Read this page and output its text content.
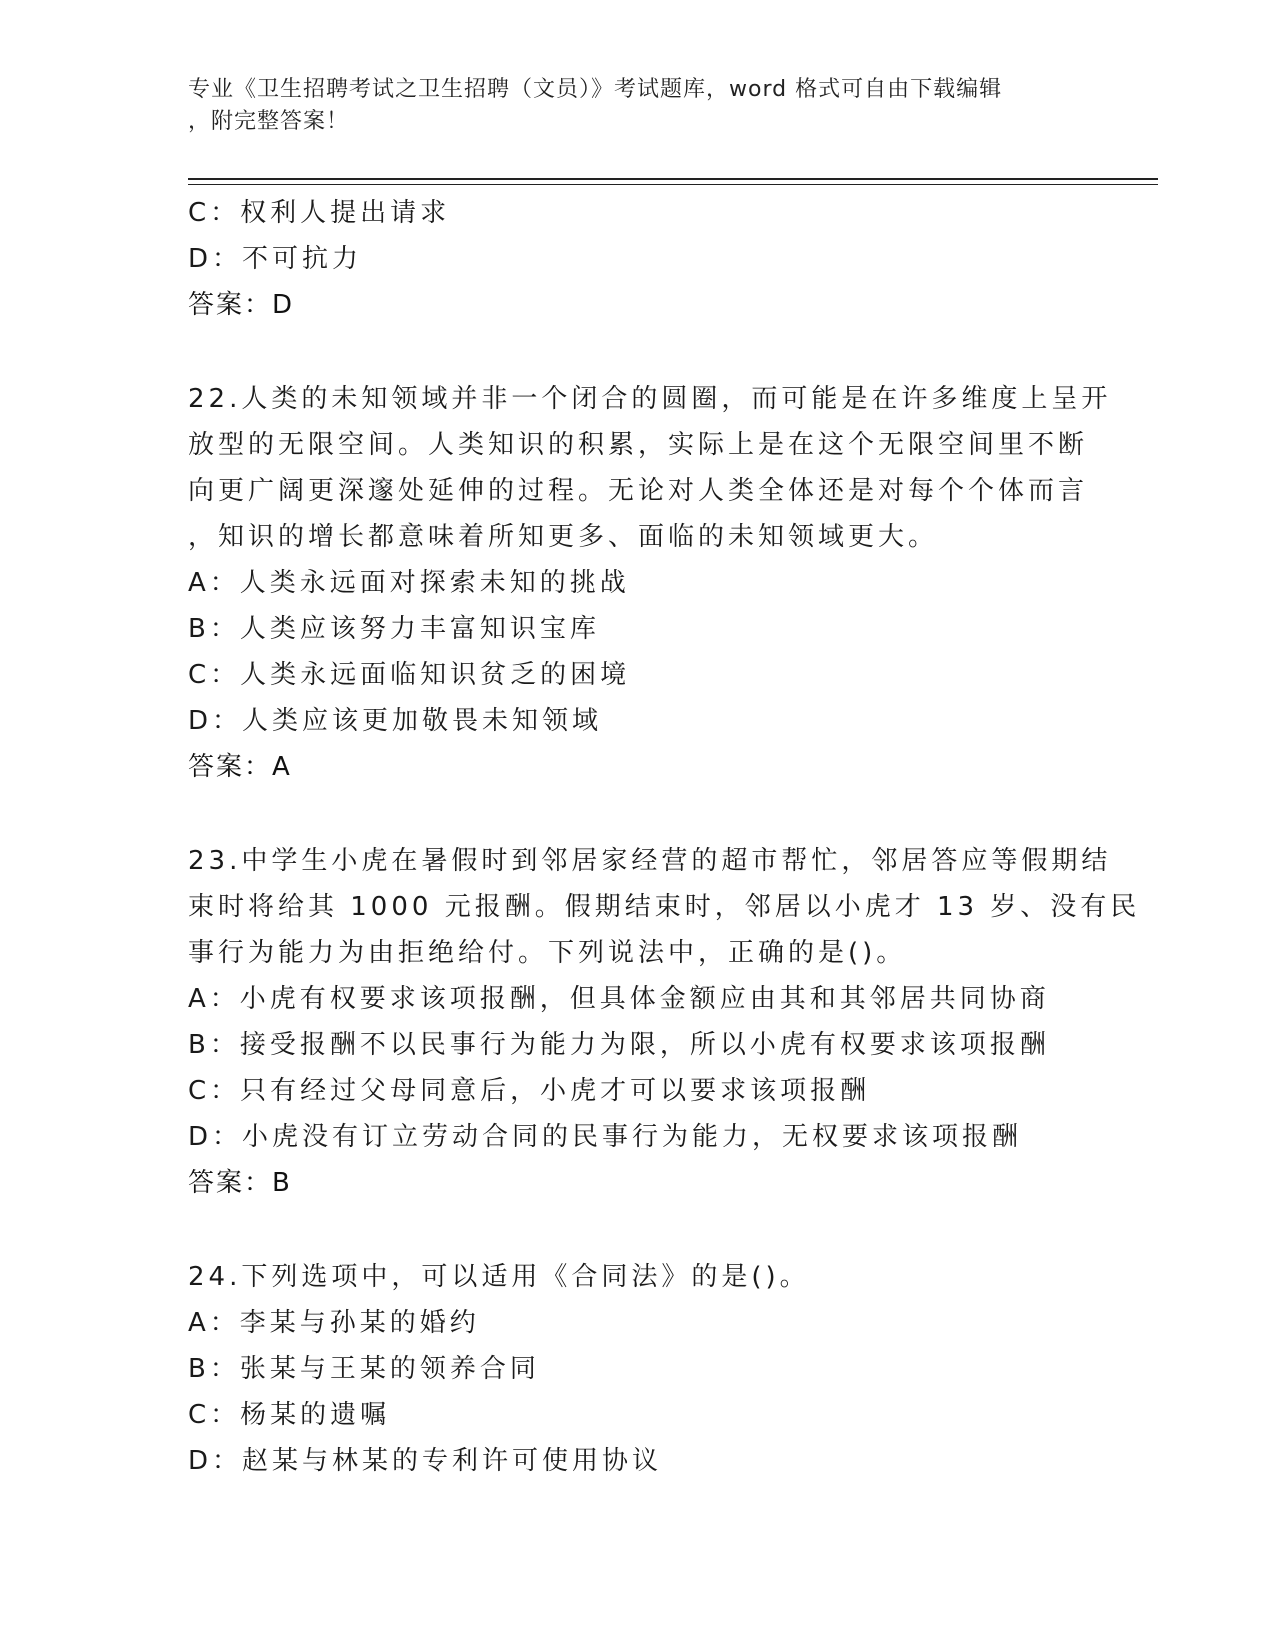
专业《卫生招聘考试之卫生招聘（文员）》考试题库，word 格式可自由下载编辑
，附完整答案！
C：权利人提出请求
D：不可抗力
答案：D
22.人类的未知领域并非一个闭合的圆圈，而可能是在许多维度上呈开
放型的无限空间。人类知识的积累，实际上是在这个无限空间里不断
向更广阔更深邃处延伸的过程。无论对人类全体还是对每个个体而言
，知识的增长都意味着所知更多、面临的未知领域更大。
A：人类永远面对探索未知的挑战
B：人类应该努力丰富知识宝库
C：人类永远面临知识贫乏的困境
D：人类应该更加敬畏未知领域
答案：A
23.中学生小虎在暑假时到邻居家经营的超市帮忙，邻居答应等假期结
束时将给其 1000 元报酬。假期结束时，邻居以小虎才 13 岁、没有民
事行为能力为由拒绝给付。下列说法中，正确的是()。
A：小虎有权要求该项报酬，但具体金额应由其和其邻居共同协商
B：接受报酬不以民事行为能力为限，所以小虎有权要求该项报酬
C：只有经过父母同意后，小虎才可以要求该项报酬
D：小虎没有订立劳动合同的民事行为能力，无权要求该项报酬
答案：B
24.下列选项中，可以适用《合同法》的是()。
A：李某与孙某的婚约
B：张某与王某的领养合同
C：杨某的遗嘱
D：赵某与林某的专利许可使用协议
